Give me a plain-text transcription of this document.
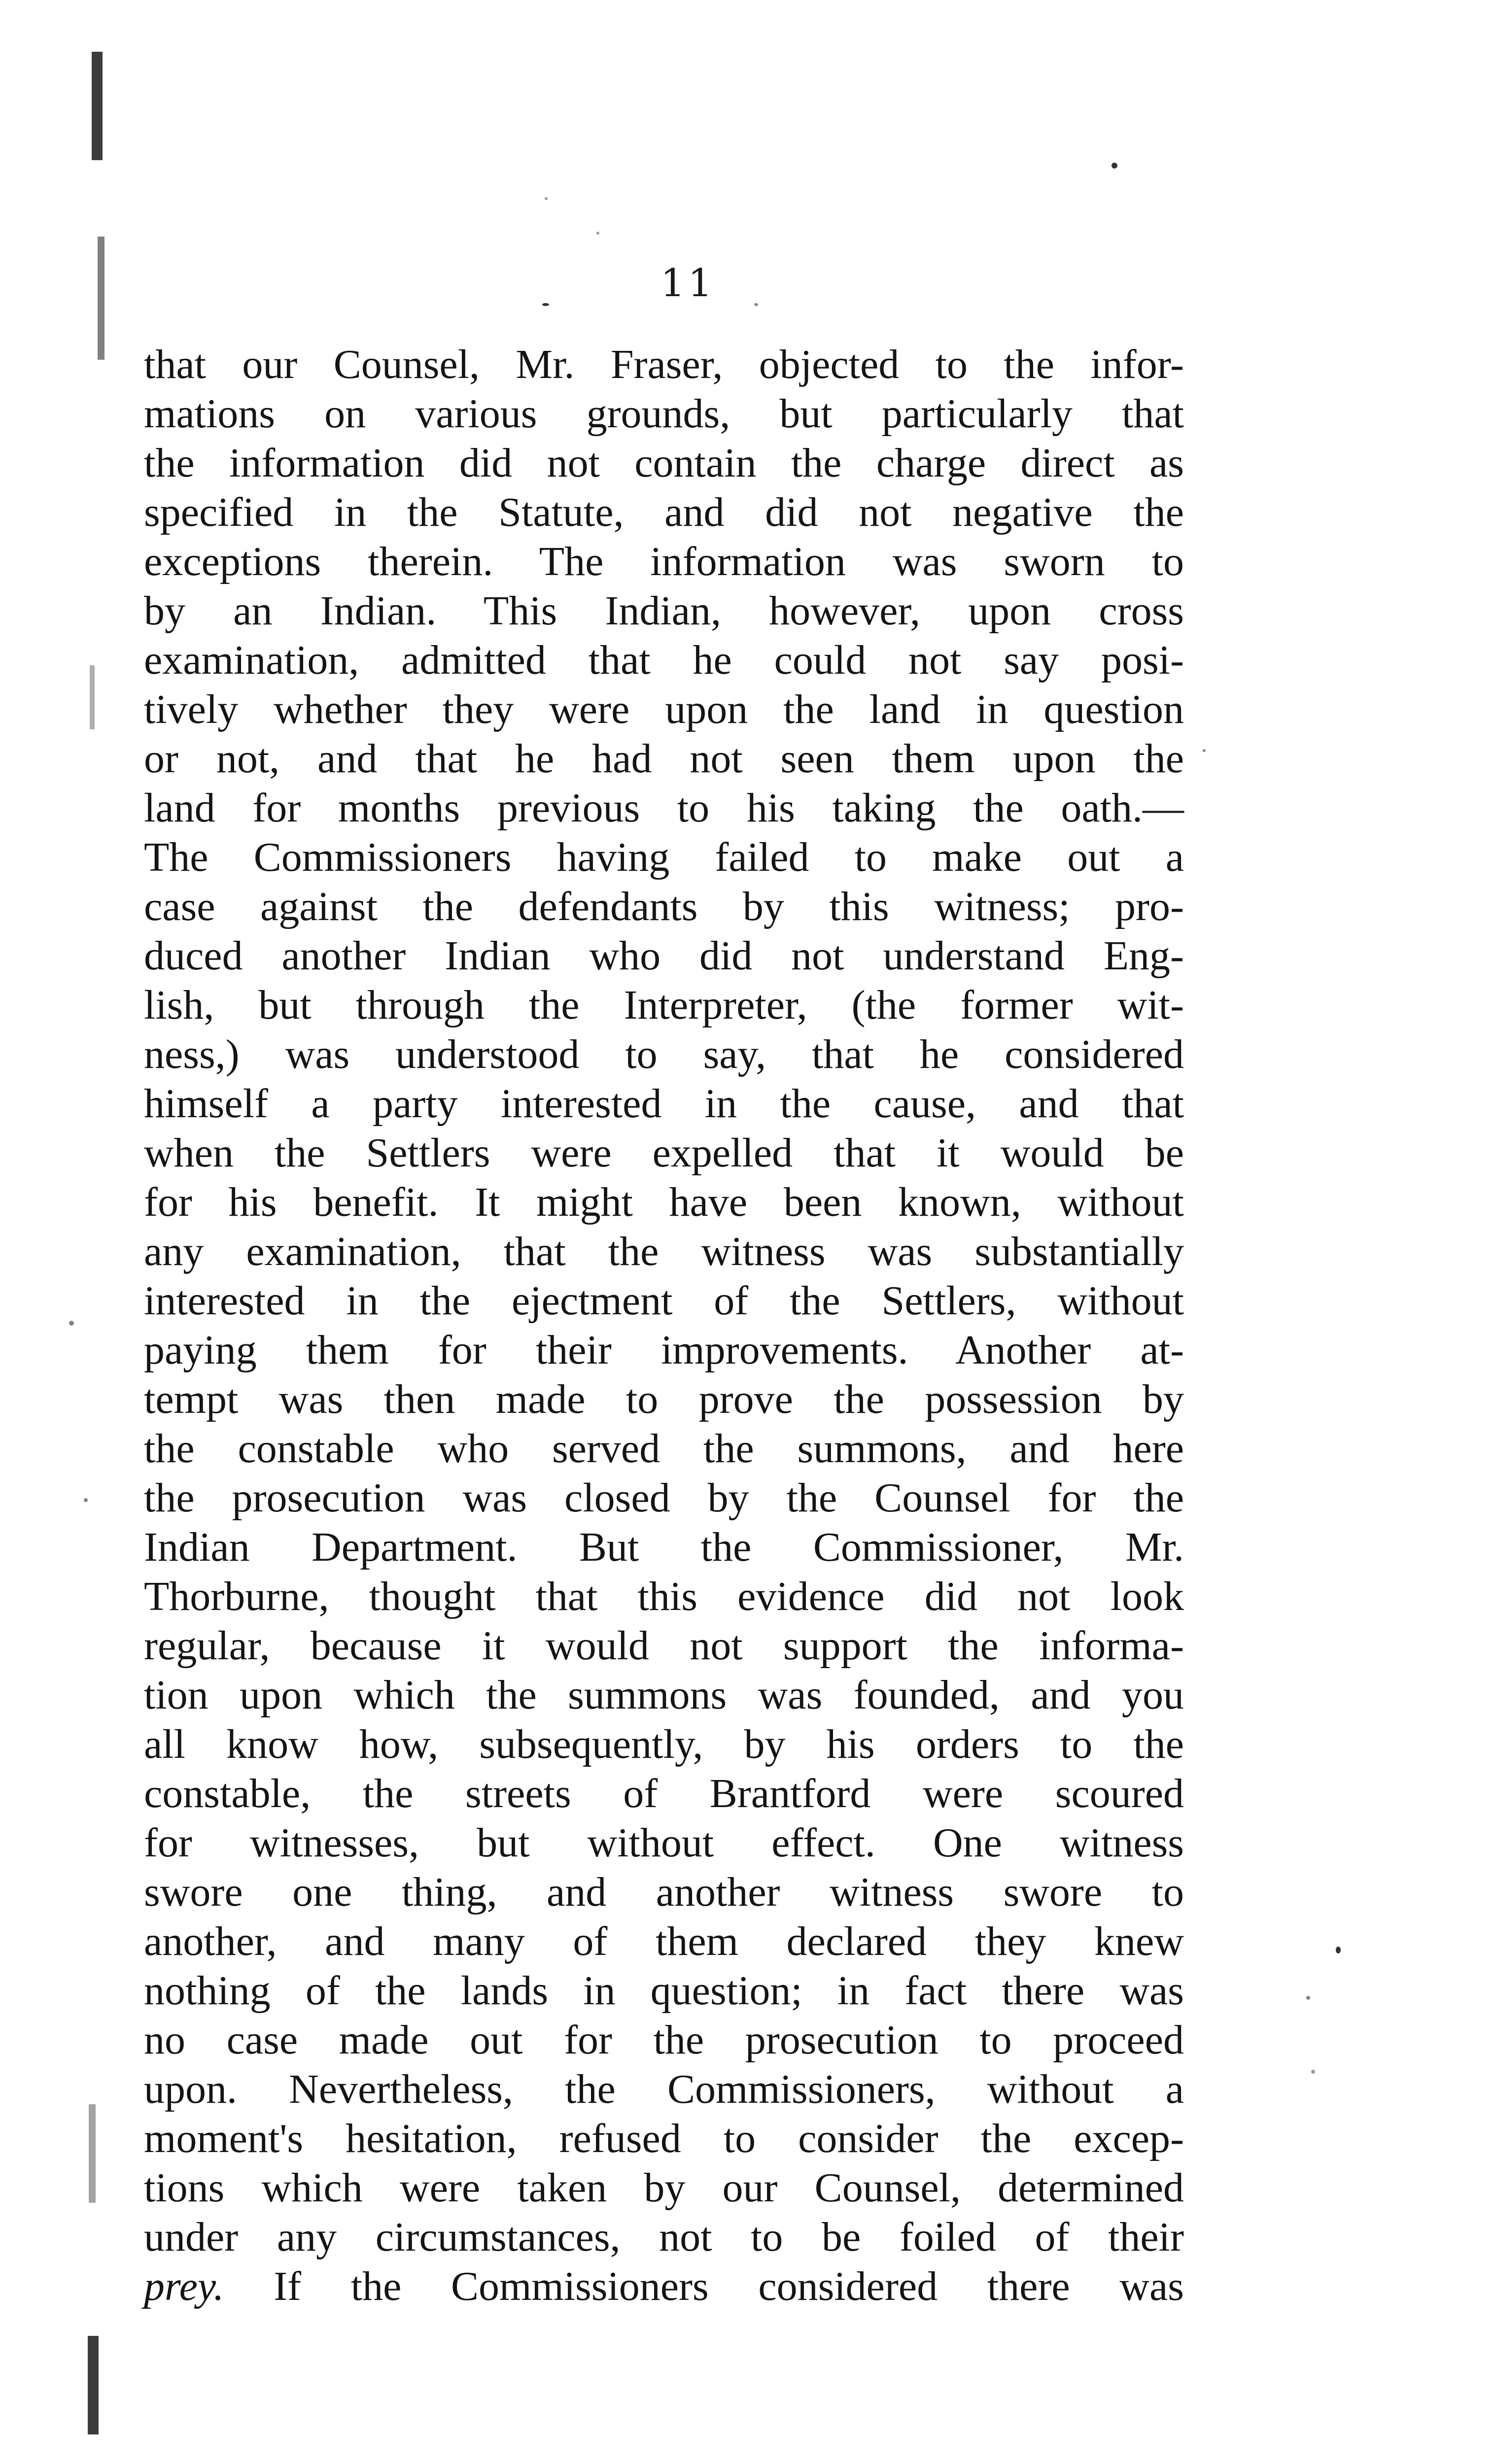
11
that our Counsel, Mr. Fraser, objected to the infor-
mations on various grounds, but particularly that
the information did not contain the charge direct as
specified in the Statute, and did not negative the
exceptions therein. The information was sworn to
by an Indian. This Indian, however, upon cross
examination, admitted that he could not say posi-
tively whether they were upon the land in question
or not, and that he had not seen them upon the
land for months previous to his taking the oath.—
The Commissioners having failed to make out a
case against the defendants by this witness; pro-
duced another Indian who did not understand Eng-
lish, but through the Interpreter, (the former wit-
ness,) was understood to say, that he considered
himself a party interested in the cause, and that
when the Settlers were expelled that it would be
for his benefit. It might have been known, without
any examination, that the witness was substantially
interested in the ejectment of the Settlers, without
paying them for their improvements. Another at-
tempt was then made to prove the possession by
the constable who served the summons, and here
the prosecution was closed by the Counsel for the
Indian Department. But the Commissioner, Mr.
Thorburne, thought that this evidence did not look
regular, because it would not support the informa-
tion upon which the summons was founded, and you
all know how, subsequently, by his orders to the
constable, the streets of Brantford were scoured
for witnesses, but without effect. One witness
swore one thing, and another witness swore to
another, and many of them declared they knew
nothing of the lands in question; in fact there was
no case made out for the prosecution to proceed
upon. Nevertheless, the Commissioners, without a
moment's hesitation, refused to consider the excep-
tions which were taken by our Counsel, determined
under any circumstances, not to be foiled of their
prey. If the Commissioners considered there was
